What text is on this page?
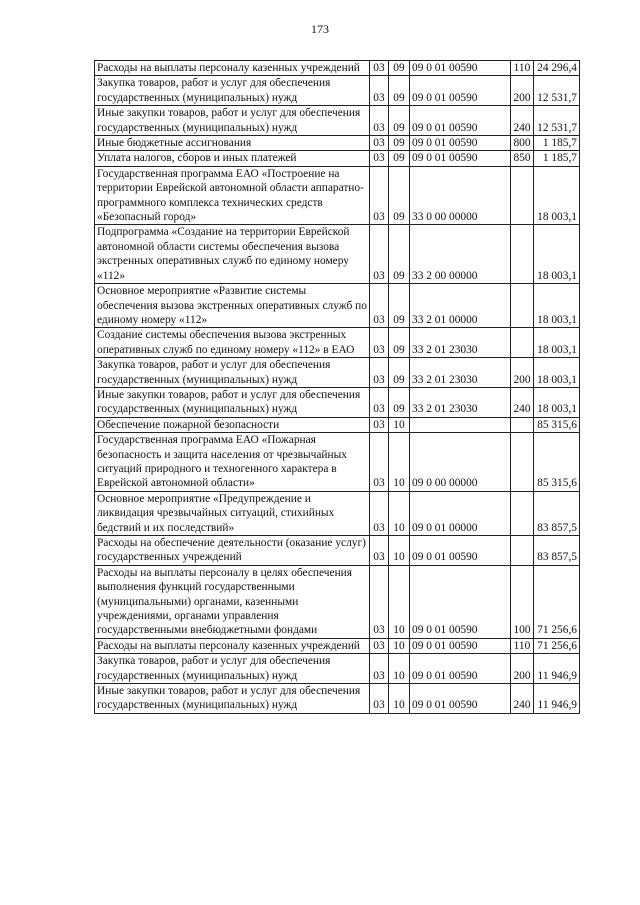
173
Расходы на выплаты персоналу казенных учреждений	03	09	09 0 01 00590	110	24 296,4
Закупка товаров, работ и услуг для обеспечения государственных (муниципальных) нужд	03	09	09 0 01 00590	200	12 531,7
Иные закупки товаров, работ и услуг для обеспечения государственных (муниципальных) нужд	03	09	09 0 01 00590	240	12 531,7
Иные бюджетные ассигнования	03	09	09 0 01 00590	800	1 185,7
Уплата налогов, сборов и иных платежей	03	09	09 0 01 00590	850	1 185,7
Государственная программа ЕАО «Построение на территории Еврейской автономной области аппаратно-программного комплекса технических средств «Безопасный город»	03	09	33 0 00 00000		18 003,1
Подпрограмма «Создание на территории Еврейской автономной области системы обеспечения вызова экстренных оперативных служб по единому номеру «112»	03	09	33 2 00 00000		18 003,1
Основное мероприятие «Развитие системы обеспечения вызова экстренных оперативных служб по единому номеру «112»	03	09	33 2 01 00000		18 003,1
Создание системы обеспечения вызова экстренных оперативных служб по единому номеру «112» в ЕАО	03	09	33 2 01 23030		18 003,1
Закупка товаров, работ и услуг для обеспечения государственных (муниципальных) нужд	03	09	33 2 01 23030	200	18 003,1
Иные закупки товаров, работ и услуг для обеспечения государственных (муниципальных) нужд	03	09	33 2 01 23030	240	18 003,1
Обеспечение пожарной безопасности	03	10			85 315,6
Государственная программа ЕАО «Пожарная безопасность и защита населения от чрезвычайных ситуаций природного и техногенного характера в Еврейской автономной области»	03	10	09 0 00 00000		85 315,6
Основное мероприятие «Предупреждение и ликвидация чрезвычайных ситуаций, стихийных бедствий и их последствий»	03	10	09 0 01 00000		83 857,5
Расходы на обеспечение деятельности (оказание услуг) государственных учреждений	03	10	09 0 01 00590		83 857,5
Расходы на выплаты персоналу в целях обеспечения выполнения функций государственными (муниципальными) органами, казенными учреждениями, органами управления государственными внебюджетными фондами	03	10	09 0 01 00590	100	71 256,6
Расходы на выплаты персоналу казенных учреждений	03	10	09 0 01 00590	110	71 256,6
Закупка товаров, работ и услуг для обеспечения государственных (муниципальных) нужд	03	10	09 0 01 00590	200	11 946,9
Иные закупки товаров, работ и услуг для обеспечения государственных (муниципальных) нужд	03	10	09 0 01 00590	240	11 946,9
